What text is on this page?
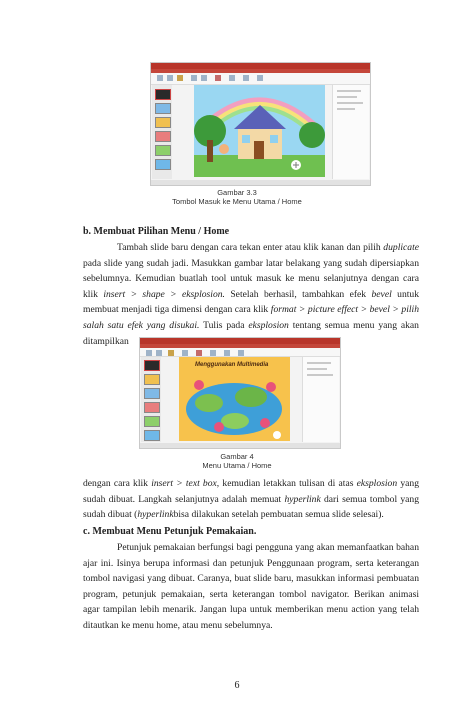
Gambar 3.3
Tombol Masuk ke Menu Utama / Home
b. Membuat Pilihan Menu / Home

Tambah slide baru dengan cara tekan enter atau klik kanan dan pilih duplicate pada slide yang sudah jadi. Masukkan gambar latar belakang yang sudah dipersiapkan sebelumnya. Kemudian buatlah tool untuk masuk ke menu selanjutnya dengan cara klik insert > shape > eksplosion. Setelah berhasil, tambahkan efek bevel untuk membuat menjadi tiga dimensi dengan cara klik format > picture effect > bevel > pilih salah satu efek yang disukai. Tulis pada eksplosion tentang semua menu yang akan ditampilkan

Menggunakan Multimedia
Gambar 4
Menu Utama / Home

dengan cara klik insert > text box, kemudian letakkan tulisan di atas eksplosion yang sudah dibuat. Langkah selanjutnya adalah memuat hyperlink dari semua tombol yang sudah dibuat (hyperlinkbisa dilakukan setelah pembuatan semua slide selesai).

c. Membuat Menu Petunjuk Pemakaian.

Petunjuk pemakaian berfungsi bagi pengguna yang akan memanfaatkan bahan ajar ini. Isinya berupa informasi dan petunjuk Penggunaan program, serta keterangan tombol navigasi yang dibuat. Caranya, buat slide baru, masukkan informasi pembuatan program, petunjuk pemakaian, serta keterangan tombol navigator. Berikan animasi agar tampilan lebih menarik. Jangan lupa untuk memberikan menu action yang telah ditautkan ke menu home, atau menu sebelumnya.

6
